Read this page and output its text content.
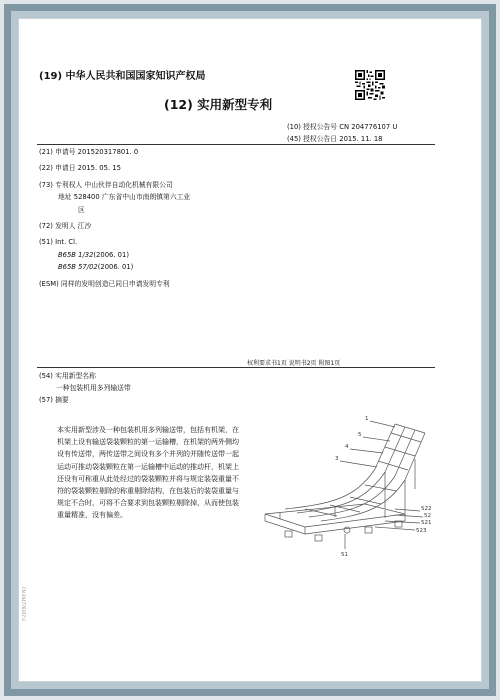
(19) 中华人民共和国国家知识产权局
(12) 实用新型专利
(10) 授权公告号 CN 204776107 U
(45) 授权公告日 2015. 11. 18
(21) 申请号 201520317801. 0
(22) 申请日 2015. 05. 15
(73) 专利权人 中山伙伴自动化机械有限公司
地址 528400 广东省中山市南朗镇第六工业
区
(72) 发明人 江沙
(51) Int. Cl.
B65B 1/32(2006. 01)
B65B 57/02(2006. 01)
(ESM) 同样的发明创造已同日申请发明专利
权利要求书1页 说明书2页 附图1页
(54) 实用新型名称
一种包装机用多列输送带
(57) 摘要
本实用新型涉及一种包装机用多列输送带，包括有机架，在机架上设有输送袋装颗粒的第一运输槽，在机架的两外侧均设有传送带，两传送带之间设有多个并列的并随传送带一起运动可推动袋装颗粒在第一运输槽中运动的推动杆，机架上还设有可称重从此处经过的袋装颗粒并将与规定装袋重量不符的袋装颗粒剔除的称重剔除结构，在包装后的装袋重量与规定不合时，可将不合要求到包装颗粒剔除掉，从而使包装重量精准，没有偏差。
1
5
4
3
522
52
521
523
51
CN 204776107 U
